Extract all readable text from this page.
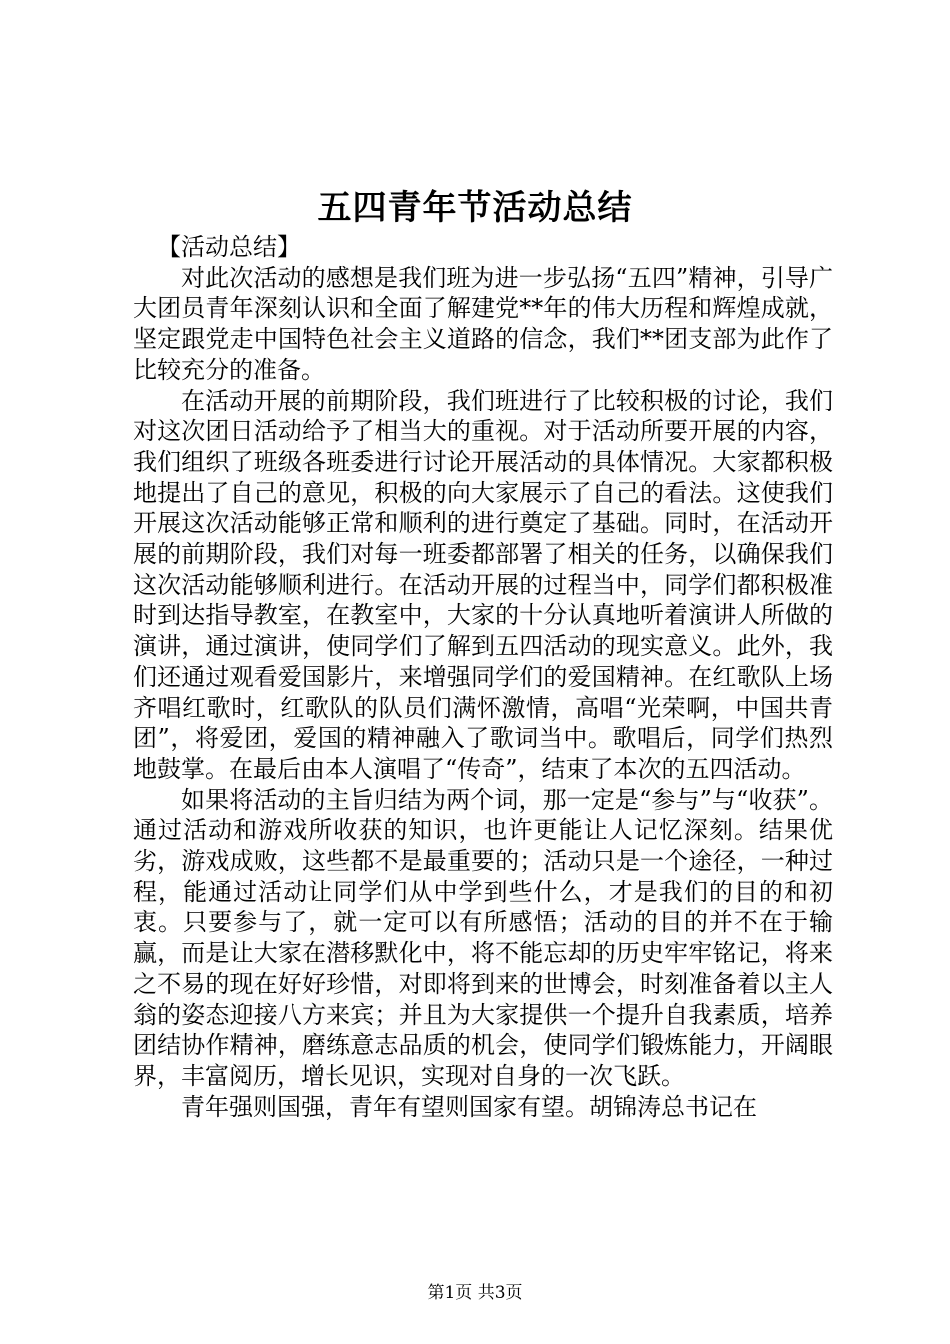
五四青年节活动总结

【活动总结】

对此次活动的感想是我们班为进一步弘扬“五四”精神，引导广大团员青年深刻认识和全面了解建党**年的伟大历程和辉煌成就，坚定跟党走中国特色社会主义道路的信念，我们**团支部为此作了比较充分的准备。

在活动开展的前期阶段，我们班进行了比较积极的讨论，我们对这次团日活动给予了相当大的重视。对于活动所要开展的内容，我们组织了班级各班委进行讨论开展活动的具体情况。大家都积极地提出了自己的意见，积极的向大家展示了自己的看法。这使我们开展这次活动能够正常和顺利的进行奠定了基础。同时，在活动开展的前期阶段，我们对每一班委都部署了相关的任务，以确保我们这次活动能够顺利进行。在活动开展的过程当中，同学们都积极准时到达指导教室，在教室中，大家的十分认真地听着演讲人所做的演讲，通过演讲，使同学们了解到五四活动的现实意义。此外，我们还通过观看爱国影片，来增强同学们的爱国精神。在红歌队上场齐唱红歌时，红歌队的队员们满怀激情，高唱“光荣啊，中国共青团”，将爱团，爱国的精神融入了歌词当中。歌唱后，同学们热烈地鼓掌。在最后由本人演唱了“传奇”，结束了本次的五四活动。

如果将活动的主旨归结为两个词，那一定是“参与”与“收获”。通过活动和游戏所收获的知识，也许更能让人记忆深刻。结果优劣，游戏成败，这些都不是最重要的；活动只是一个途径，一种过程，能通过活动让同学们从中学到些什么，才是我们的目的和初衷。只要参与了，就一定可以有所感悟；活动的目的并不在于输赢，而是让大家在潜移默化中，将不能忘却的历史牢牢铭记，将来之不易的现在好好珍惜，对即将到来的世博会，时刻准备着以主人翁的姿态迎接八方来宾；并且为大家提供一个提升自我素质，培养团结协作精神，磨练意志品质的机会，使同学们锻炼能力，开阔眼界，丰富阅历，增长见识，实现对自身的一次飞跃。

青年强则国强，青年有望则国家有望。胡锦涛总书记在

第1页 共3页
